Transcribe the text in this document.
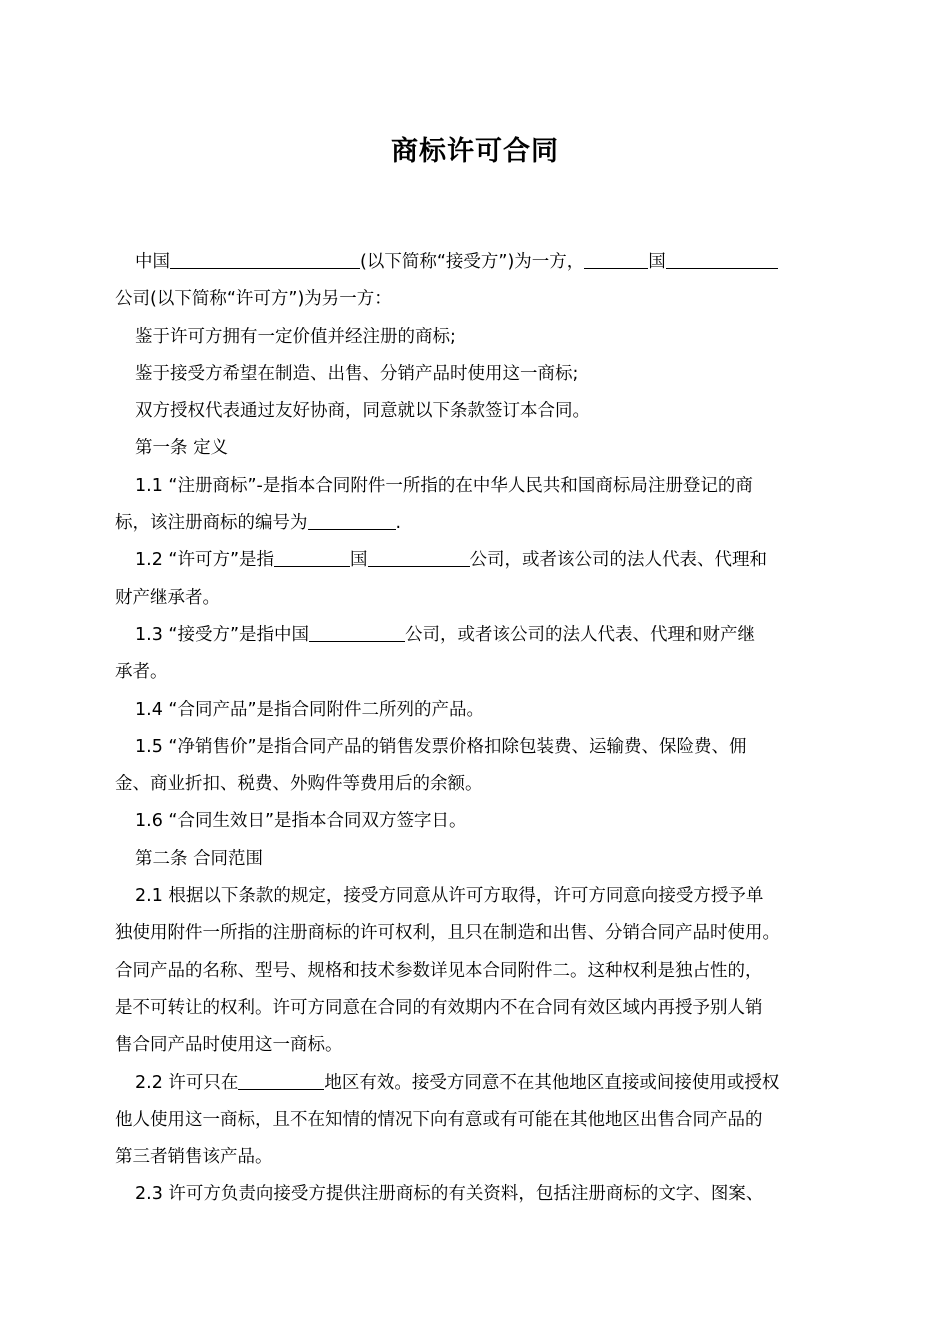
商标许可合同
中国	(以下简称“接受方”)为一方，	国
公司(以下简称“许可方”)为另一方：
鉴于许可方拥有一定价值并经注册的商标;
鉴于接受方希望在制造、出售、分销产品时使用这一商标;
双方授权代表通过友好协商，同意就以下条款签订本合同。
第一条 定义
1.1 “注册商标”-是指本合同附件一所指的在中华人民共和国商标局注册登记的商
标，该注册商标的编号为	.
1.2 “许可方”是指	国	公司，或者该公司的法人代表、代理和
财产继承者。
1.3 “接受方”是指中国	公司，或者该公司的法人代表、代理和财产继
承者。
1.4 “合同产品”是指合同附件二所列的产品。
1.5 “净销售价”是指合同产品的销售发票价格扣除包装费、运输费、保险费、佣
金、商业折扣、税费、外购件等费用后的余额。
1.6 “合同生效日”是指本合同双方签字日。
第二条 合同范围
2.1 根据以下条款的规定，接受方同意从许可方取得，许可方同意向接受方授予单
独使用附件一所指的注册商标的许可权利，且只在制造和出售、分销合同产品时使用。
合同产品的名称、型号、规格和技术参数详见本合同附件二。这种权利是独占性的，
是不可转让的权利。许可方同意在合同的有效期内不在合同有效区域内再授予别人销
售合同产品时使用这一商标。
2.2 许可只在	地区有效。接受方同意不在其他地区直接或间接使用或授权
他人使用这一商标，且不在知情的情况下向有意或有可能在其他地区出售合同产品的
第三者销售该产品。
2.3 许可方负责向接受方提供注册商标的有关资料，包括注册商标的文字、图案、
